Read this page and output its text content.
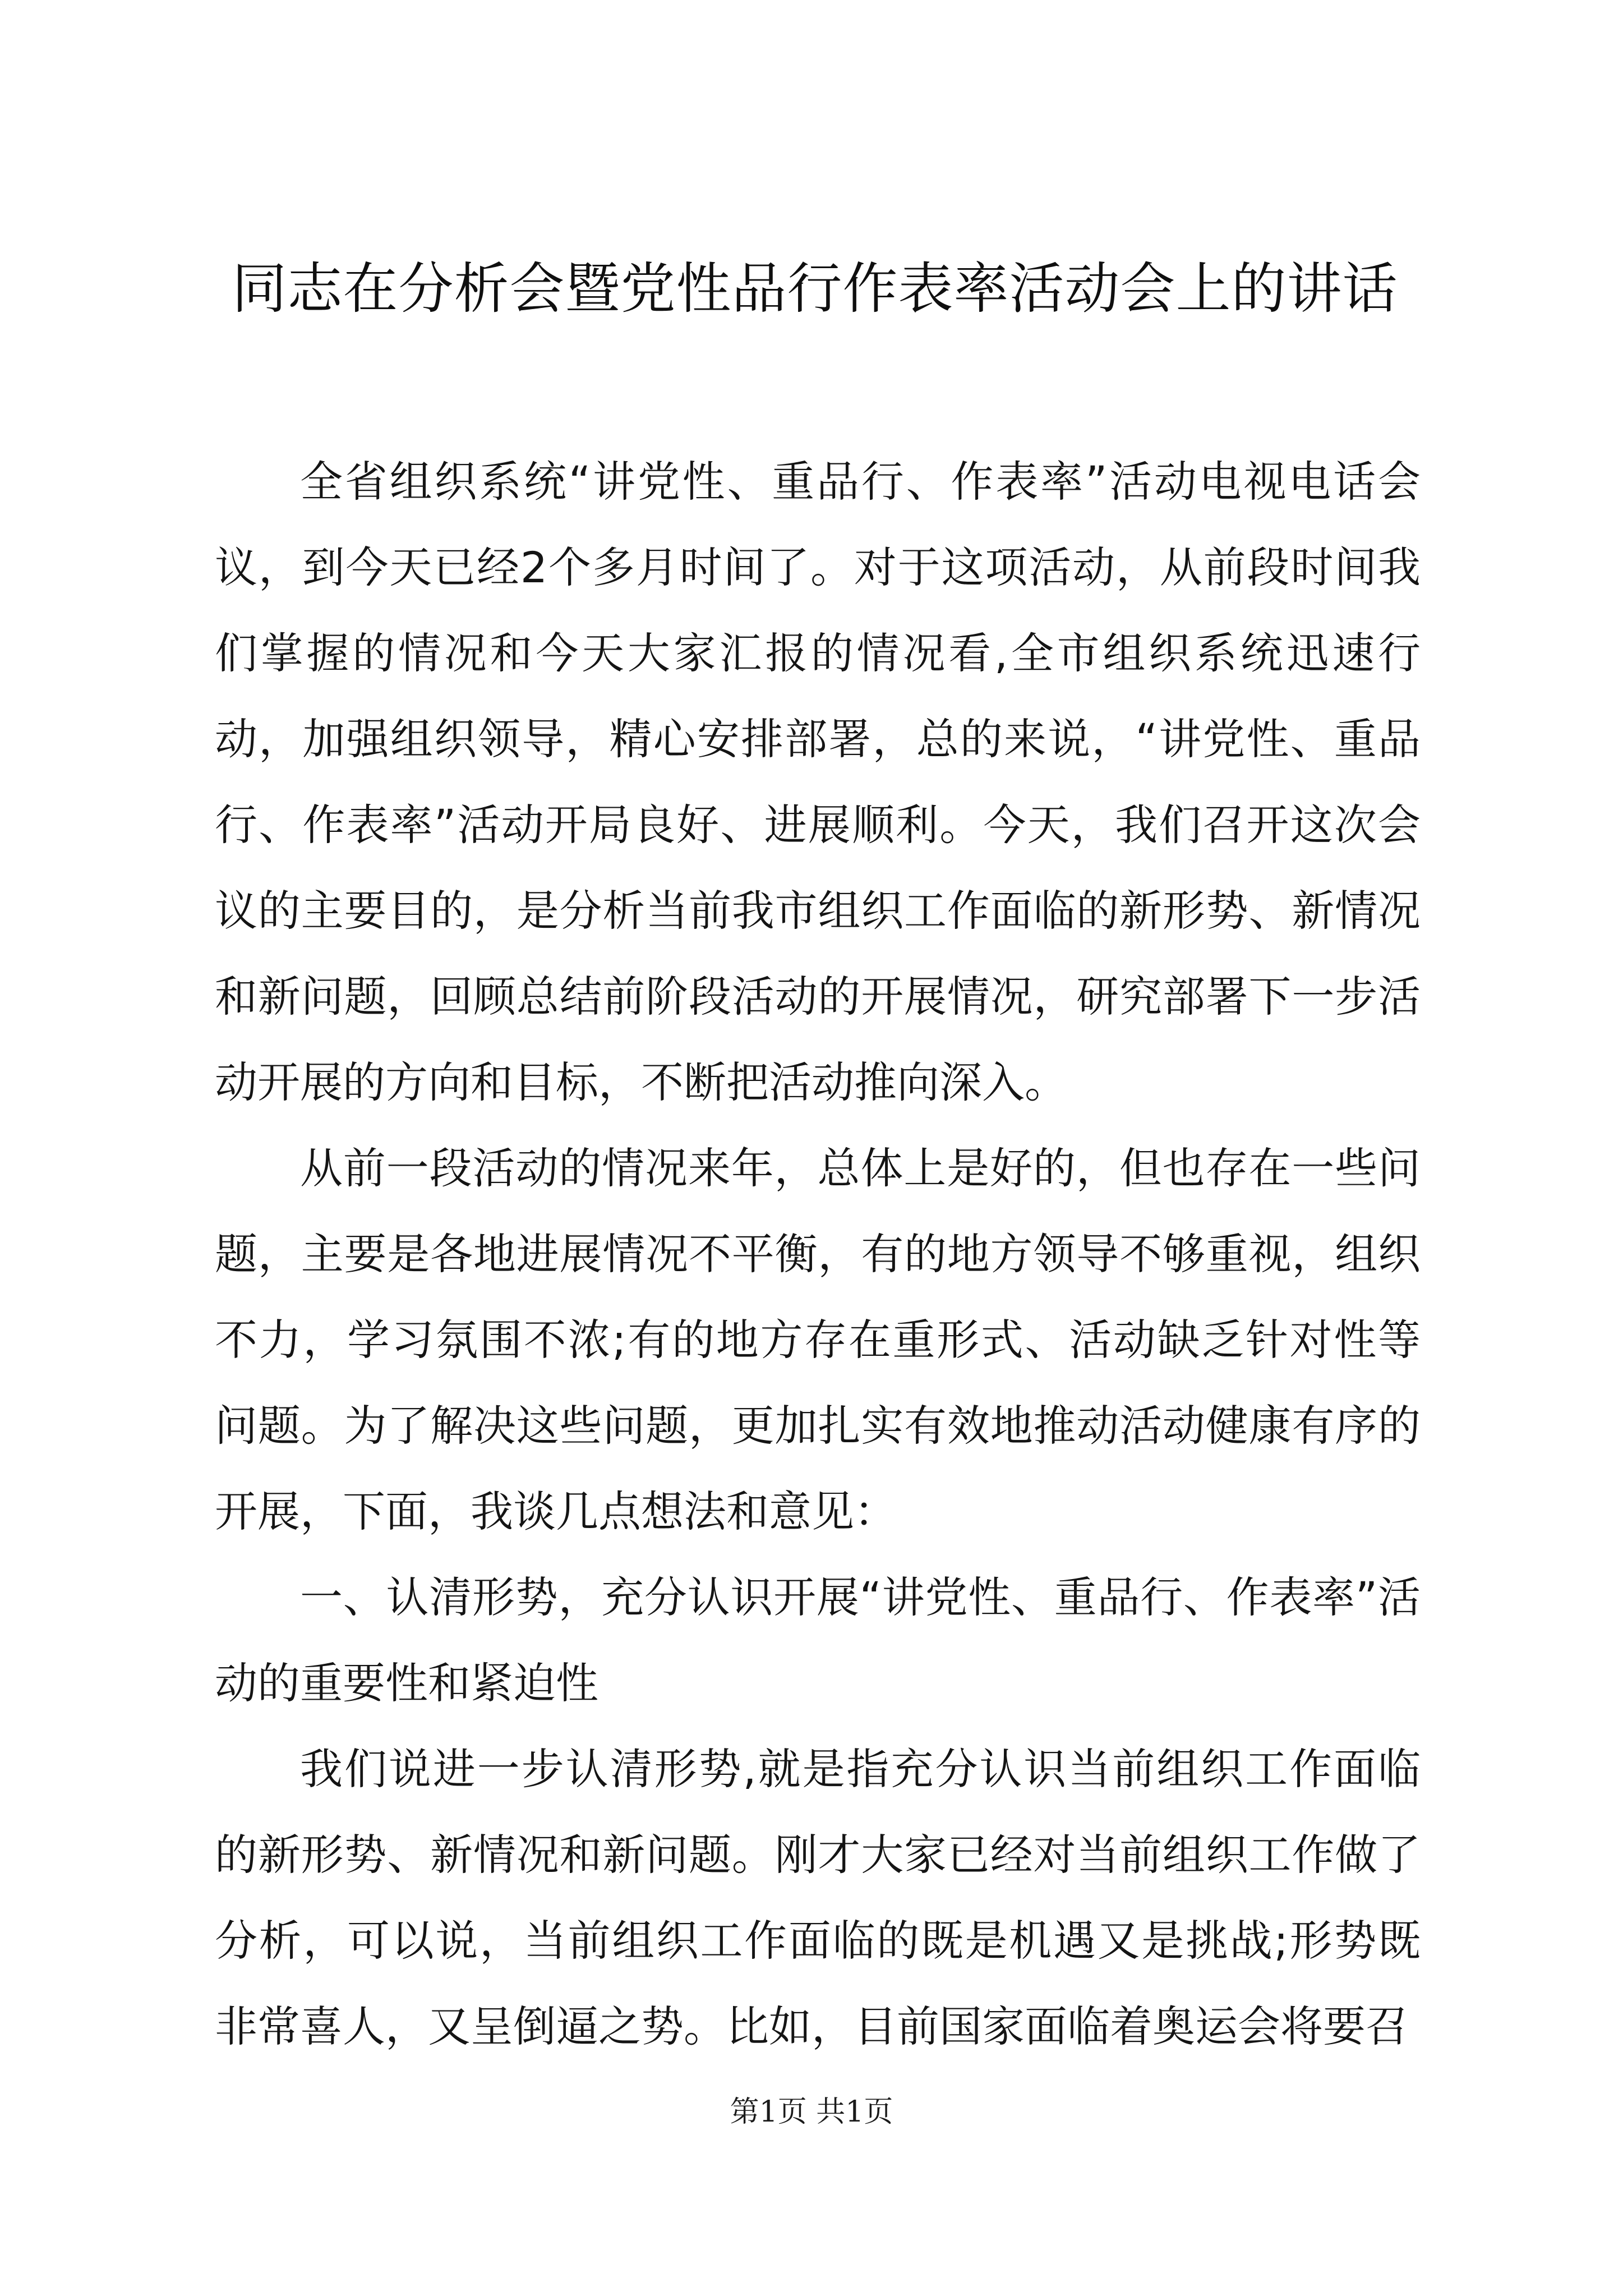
同志在分析会暨党性品行作表率活动会上的讲话

全省组织系统“讲党性、重品行、作表率”活动电视电话会议，到今天已经2个多月时间了。对于这项活动，从前段时间我们掌握的情况和今天大家汇报的情况看,全市组织系统迅速行动，加强组织领导，精心安排部署，总的来说，“讲党性、重品行、作表率”活动开局良好、进展顺利。今天，我们召开这次会议的主要目的，是分析当前我市组织工作面临的新形势、新情况和新问题，回顾总结前阶段活动的开展情况，研究部署下一步活动开展的方向和目标，不断把活动推向深入。

从前一段活动的情况来年，总体上是好的，但也存在一些问题，主要是各地进展情况不平衡，有的地方领导不够重视，组织不力，学习氛围不浓;有的地方存在重形式、活动缺乏针对性等问题。为了解决这些问题，更加扎实有效地推动活动健康有序的开展，下面，我谈几点想法和意见：

一、认清形势，充分认识开展“讲党性、重品行、作表率”活动的重要性和紧迫性

我们说进一步认清形势,就是指充分认识当前组织工作面临的新形势、新情况和新问题。刚才大家已经对当前组织工作做了分析，可以说，当前组织工作面临的既是机遇又是挑战;形势既非常喜人，又呈倒逼之势。比如，目前国家面临着奥运会将要召

第1页 共1页
